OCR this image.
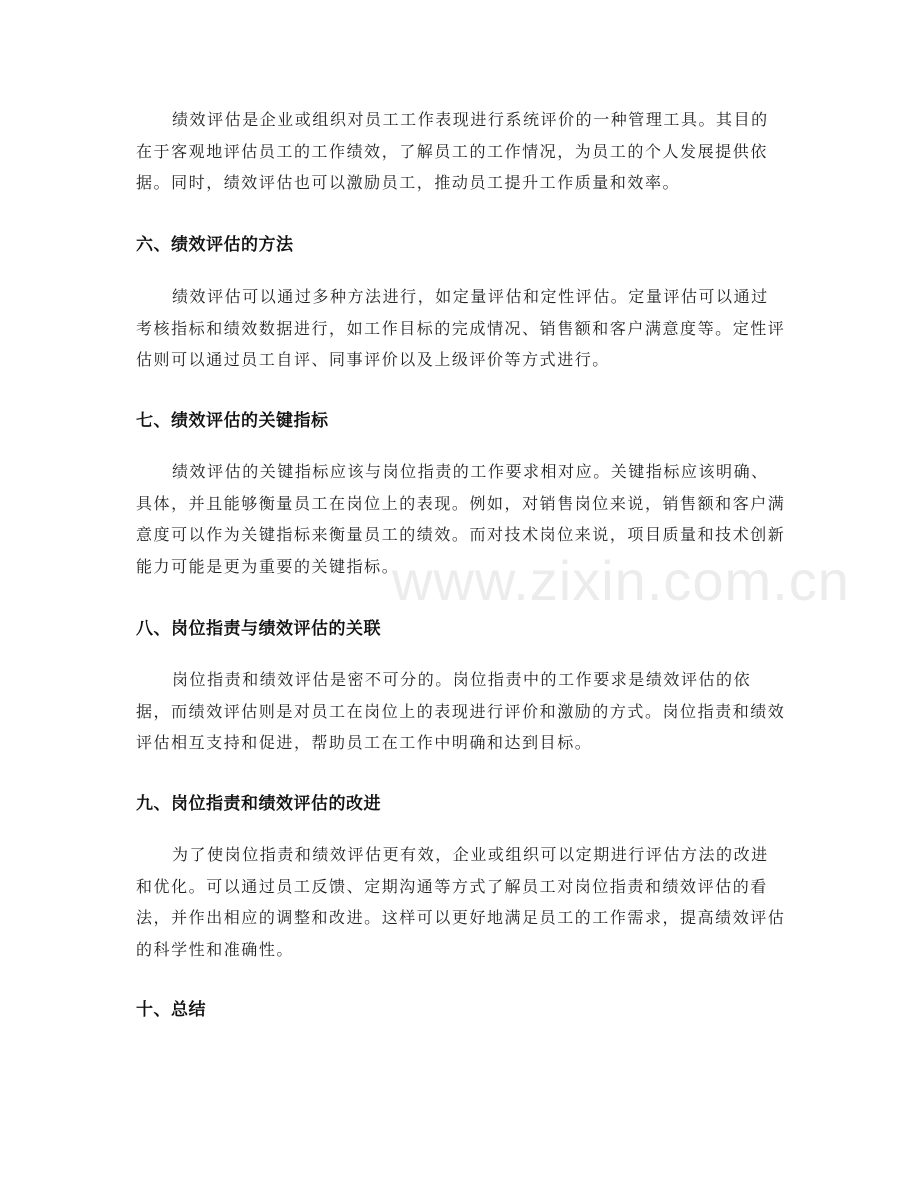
绩效评估是企业或组织对员工工作表现进行系统评价的一种管理工具。其目的在于客观地评估员工的工作绩效，了解员工的工作情况，为员工的个人发展提供依据。同时，绩效评估也可以激励员工，推动员工提升工作质量和效率。

六、绩效评估的方法

绩效评估可以通过多种方法进行，如定量评估和定性评估。定量评估可以通过考核指标和绩效数据进行，如工作目标的完成情况、销售额和客户满意度等。定性评估则可以通过员工自评、同事评价以及上级评价等方式进行。

七、绩效评估的关键指标

绩效评估的关键指标应该与岗位指责的工作要求相对应。关键指标应该明确、具体，并且能够衡量员工在岗位上的表现。例如，对销售岗位来说，销售额和客户满意度可以作为关键指标来衡量员工的绩效。而对技术岗位来说，项目质量和技术创新能力可能是更为重要的关键指标。

八、岗位指责与绩效评估的关联

岗位指责和绩效评估是密不可分的。岗位指责中的工作要求是绩效评估的依据，而绩效评估则是对员工在岗位上的表现进行评价和激励的方式。岗位指责和绩效评估相互支持和促进，帮助员工在工作中明确和达到目标。

九、岗位指责和绩效评估的改进

为了使岗位指责和绩效评估更有效，企业或组织可以定期进行评估方法的改进和优化。可以通过员工反馈、定期沟通等方式了解员工对岗位指责和绩效评估的看法，并作出相应的调整和改进。这样可以更好地满足员工的工作需求，提高绩效评估的科学性和准确性。

十、总结
www.zixin.com.cn
